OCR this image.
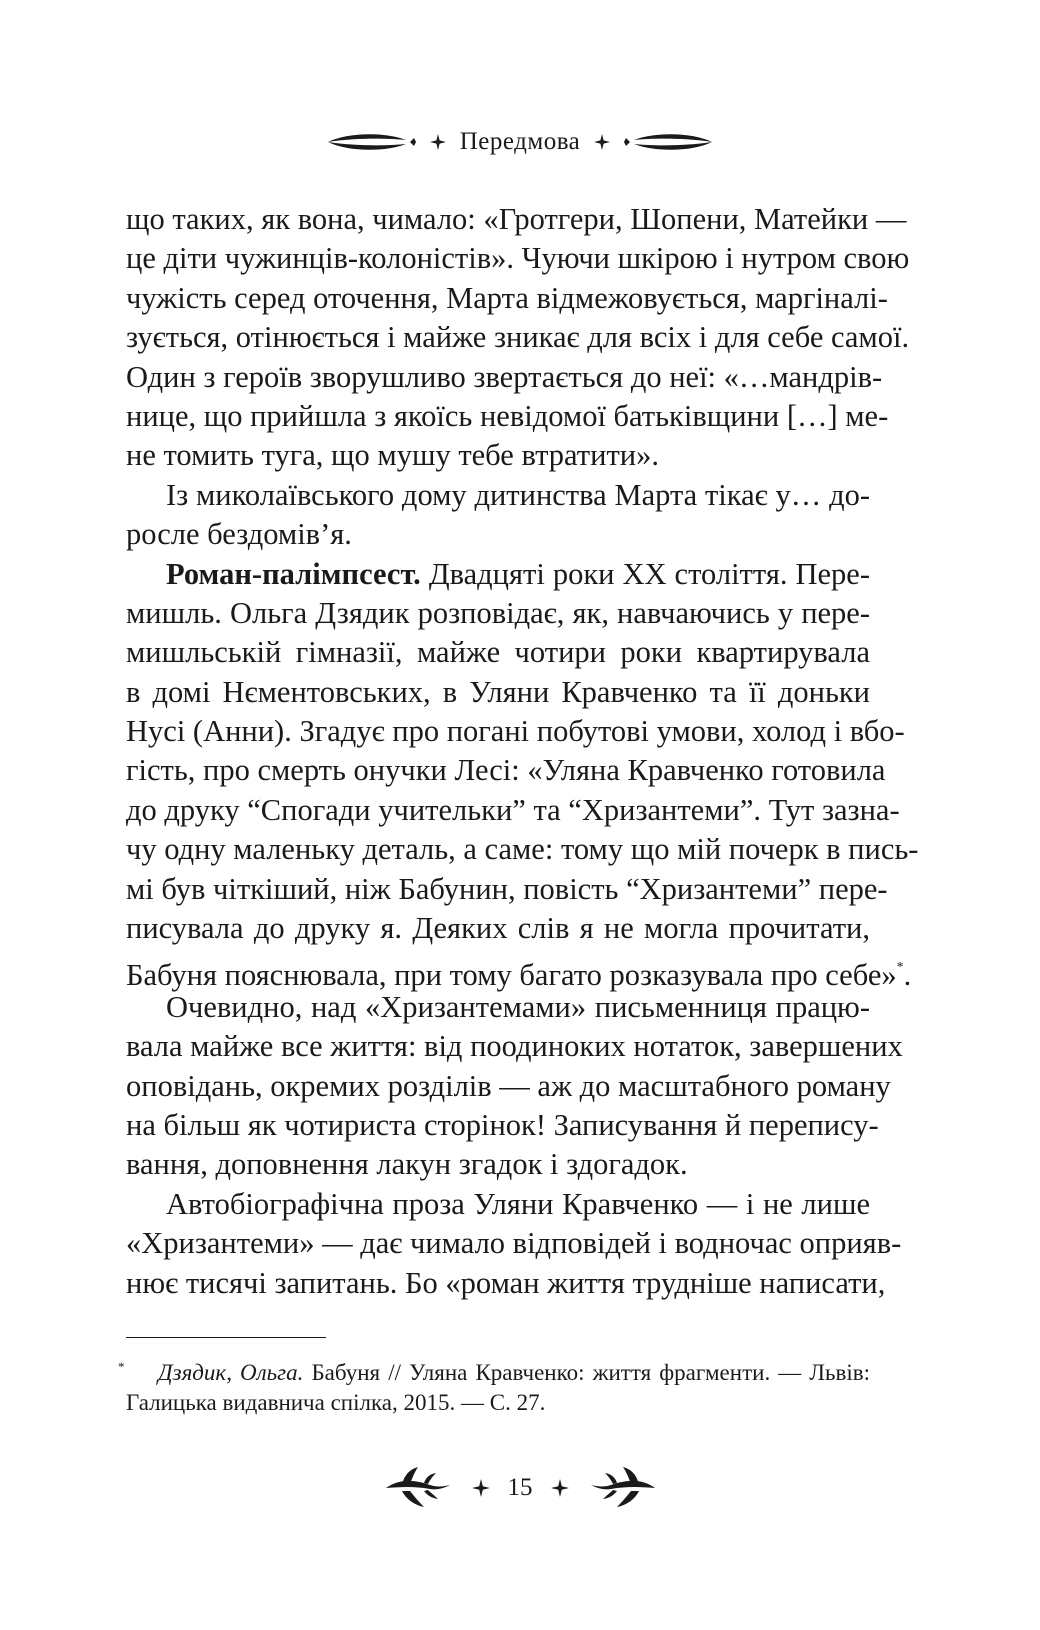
Передмова
що таких, як вона, чимало: «Гротгери, Шопени, Матейки —
це діти чужинців-колоністів». Чуючи шкірою і нутром свою
чужість серед оточення, Марта відмежовується, маргіналі-
зується, отінюється і майже зникає для всіх і для себе самої.
Один з героїв зворушливо звертається до неї: «…мандрів-
нице, що прийшла з якоїсь невідомої батьківщини […] ме-
не томить туга, що мушу тебе втратити».
Із миколаївського дому дитинства Марта тікає у… до-
росле бездомів’я.
Роман-палімпсест. Двадцяті роки XX століття. Пере-
мишль. Ольга Дзядик розповідає, як, навчаючись у пере-
мишльській гімназії, майже чотири роки квартирувала
в домі Нєментовських, в Уляни Кравченко та її доньки
Нусі (Анни). Згадує про погані побутові умови, холод і вбо-
гість, про смерть онучки Лесі: «Уляна Кравченко готовила
до друку “Спогади учительки” та “Хризантеми”. Тут зазна-
чу одну маленьку деталь, а саме: тому що мій почерк в пись-
мі був чіткіший, ніж Бабунин, повість “Хризантеми” пере-
писувала до друку я. Деяких слів я не могла прочитати,
Бабуня пояснювала, при тому багато розказувала про себе»*.
Очевидно, над «Хризантемами» письменниця працю-
вала майже все життя: від поодиноких нотаток, завершених
оповідань, окремих розділів — аж до масштабного роману
на більш як чотириста сторінок! Записування й перепису-
вання, доповнення лакун згадок і здогадок.
Автобіографічна проза Уляни Кравченко — і не лише
«Хризантеми» — дає чимало відповідей і водночас оприяв-
нює тисячі запитань. Бо «роман життя трудніше написати,
*	Дзядик, Ольга. Бабуня // Уляна Кравченко: життя фрагменти. — Львів:
Галицька видавнича спілка, 2015. — С. 27.
15
